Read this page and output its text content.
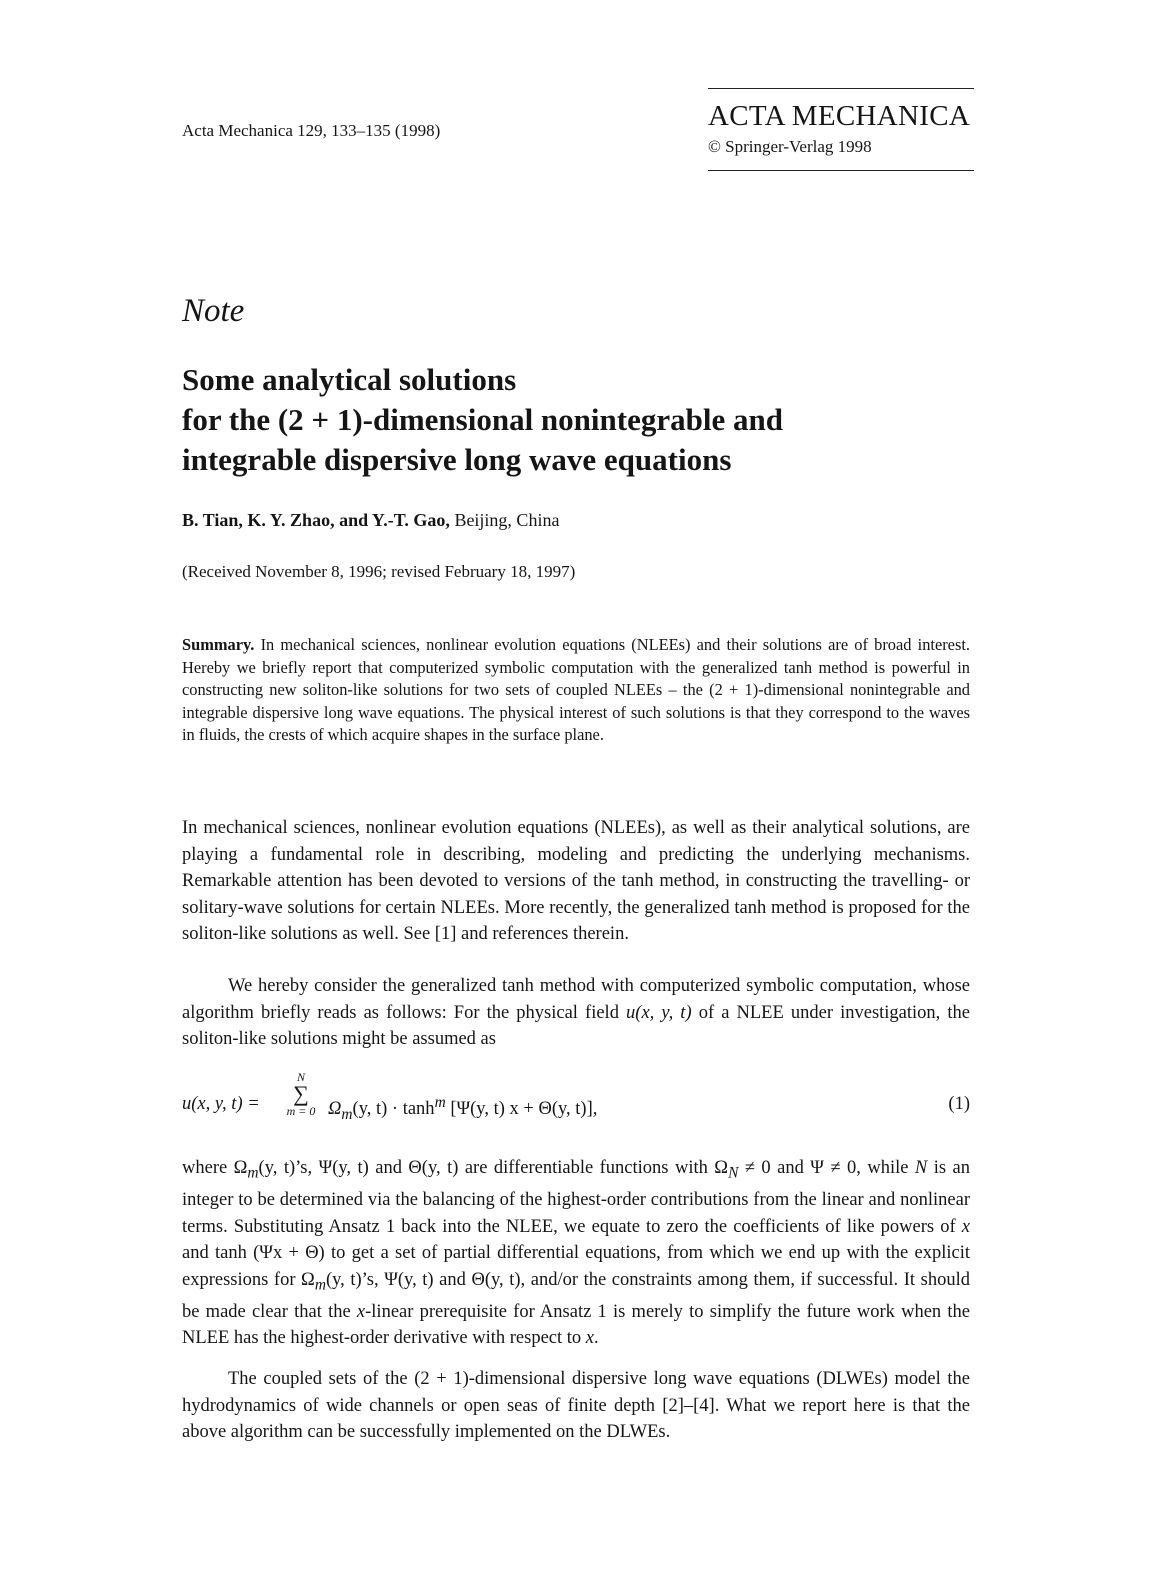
Acta Mechanica 129, 133–135 (1998)	ACTA MECHANICA
© Springer-Verlag 1998
Note
Some analytical solutions
for the (2 + 1)-dimensional nonintegrable and
integrable dispersive long wave equations
B. Tian, K. Y. Zhao, and Y.-T. Gao, Beijing, China
(Received November 8, 1996; revised February 18, 1997)
Summary. In mechanical sciences, nonlinear evolution equations (NLEEs) and their solutions are of broad interest. Hereby we briefly report that computerized symbolic computation with the generalized tanh method is powerful in constructing new soliton-like solutions for two sets of coupled NLEEs – the (2 + 1)-dimensional nonintegrable and integrable dispersive long wave equations. The physical interest of such solutions is that they correspond to the waves in fluids, the crests of which acquire shapes in the surface plane.
In mechanical sciences, nonlinear evolution equations (NLEEs), as well as their analytical solutions, are playing a fundamental role in describing, modeling and predicting the underlying mechanisms. Remarkable attention has been devoted to versions of the tanh method, in constructing the travelling- or solitary-wave solutions for certain NLEEs. More recently, the generalized tanh method is proposed for the soliton-like solutions as well. See [1] and references therein.
We hereby consider the generalized tanh method with computerized symbolic computation, whose algorithm briefly reads as follows: For the physical field u(x, y, t) of a NLEE under investigation, the soliton-like solutions might be assumed as
u(x, y, t) =
N
∑
m = 0 $\Omega_m(y$, $t) \cdot \tanh^m [\Psi(y$, t) x + Θ(y, t)],	(1)
where $\Omega_m(y$, t)’s, Ψ(y, t) and Θ(y, t) are differentiable functions with $\Omega_N \ne 0$ and Ψ ≠ 0, while N is an integer to be determined via the balancing of the highest-order contributions from the linear and nonlinear terms. Substituting Ansatz 1 back into the NLEE, we equate to zero the coefficients of like powers of x and tanh (Ψx + Θ) to get a set of partial differential equations, from which we end up with the explicit expressions for $\Omega_m(y$, t)’s, Ψ(y, t) and Θ(y, t), and/or the constraints among them, if successful. It should be made clear that the x-linear prerequisite for Ansatz 1 is merely to simplify the future work when the NLEE has the highest-order derivative with respect to x.
The coupled sets of the (2 + 1)-dimensional dispersive long wave equations (DLWEs) model the hydrodynamics of wide channels or open seas of finite depth [2]–[4]. What we report here is that the above algorithm can be successfully implemented on the DLWEs.
